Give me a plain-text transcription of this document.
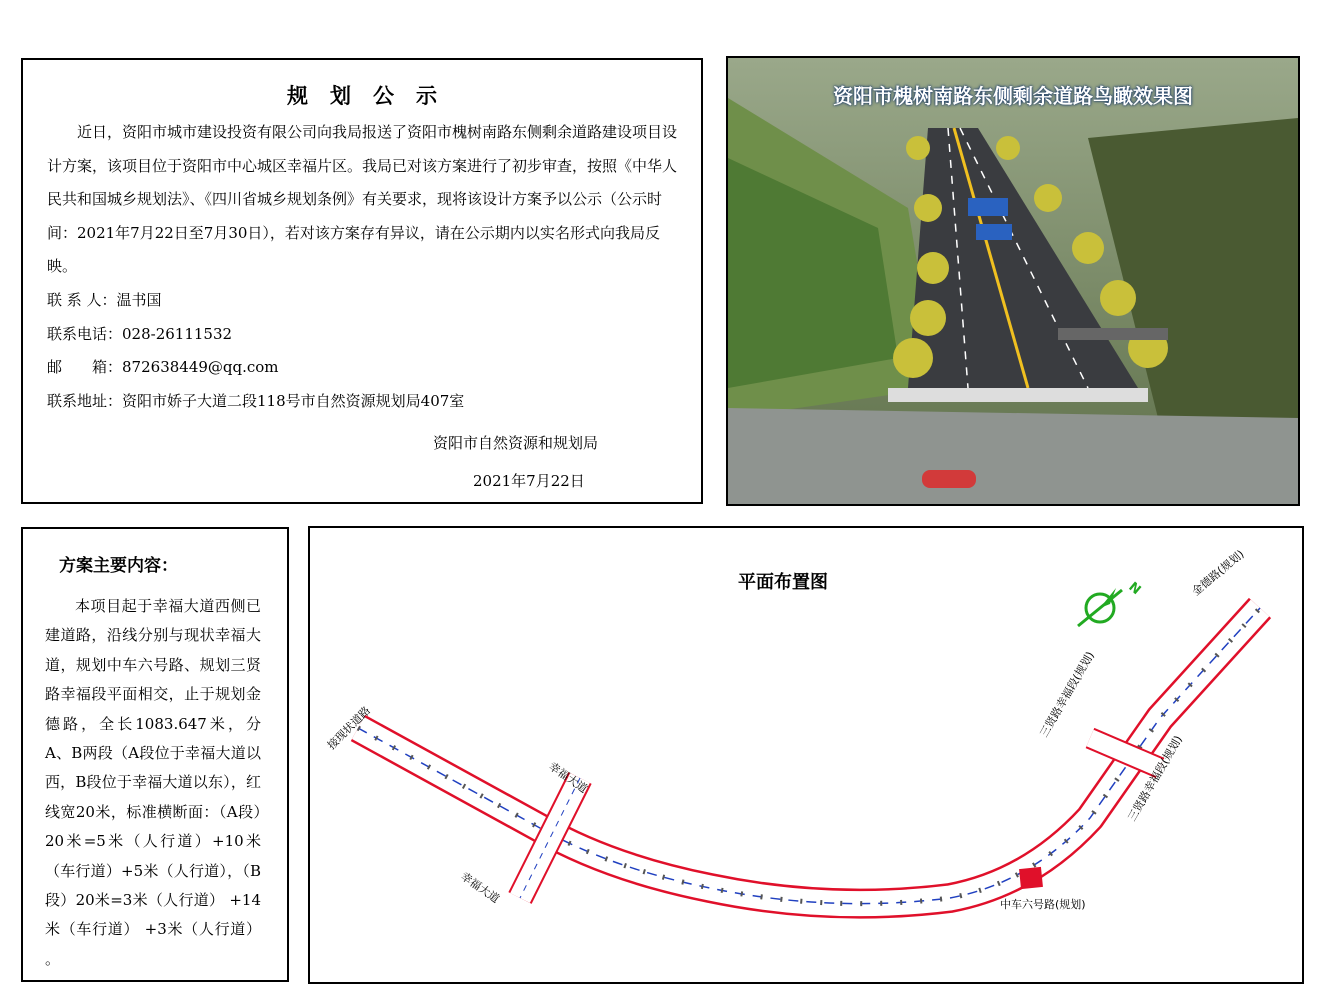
规划公示

近日，资阳市城市建设投资有限公司向我局报送了资阳市槐树南路东侧剩余道路建设项目设计方案，该项目位于资阳市中心城区幸福片区。我局已对该方案进行了初步审查，按照《中华人民共和国城乡规划法》、《四川省城乡规划条例》有关要求，现将该设计方案予以公示（公示时间：2021年7月22日至7月30日），若对该方案存有异议，请在公示期内以实名形式向我局反映。

联 系 人：温书国
联系电话：028-26111532
邮　　箱：872638449@qq.com
联系地址：资阳市娇子大道二段118号市自然资源规划局407室
资阳市自然资源和规划局
2021年7月22日
资阳市槐树南路东侧剩余道路鸟瞰效果图
方案主要内容：

本项目起于幸福大道西侧已建道路，沿线分别与现状幸福大道，规划中车六号路、规划三贤路幸福段平面相交，止于规划金德路，全长1083.647米，分A、B两段（A段位于幸福大道以西，B段位于幸福大道以东），红线宽20米，标准横断面：（A段）20米=5米（人行道）+10米（车行道）+5米（人行道），（B段）20米=3米（人行道） +14米（车行道） +3米（人行道） 。

平面布置图	N
接现状道路
幸福大道
幸福大道	中车六号路(规划)
三贤路幸福段(规划)
三贤路幸福段(规划)
金德路(规划)
